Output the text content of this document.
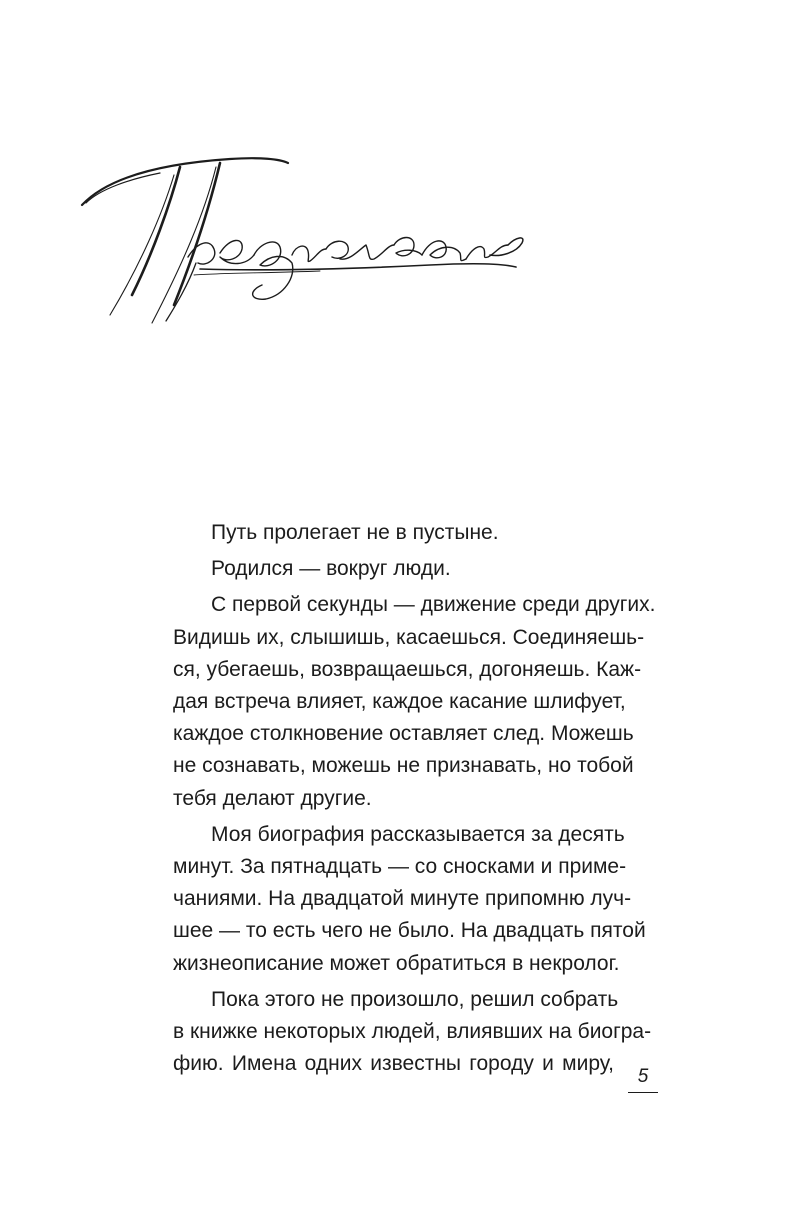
Путь пролегает не в пустыне.
Родился — вокруг люди.
С первой секунды — движение среди других.
Видишь их, слышишь, касаешься. Соединяешь-
ся, убегаешь, возвращаешься, догоняешь. Каж-
дая встреча влияет, каждое касание шлифует,
каждое столкновение оставляет след. Можешь
не сознавать, можешь не признавать, но тобой
тебя делают другие.
Моя биография рассказывается за десять
минут. За пятнадцать — со сносками и приме-
чаниями. На двадцатой минуте припомню луч-
шее — то есть чего не было. На двадцать пятой
жизнеописание может обратиться в некролог.
Пока этого не произошло, решил собрать
в книжке некоторых людей, влиявших на биогра-
фию. Имена одних известны городу и миру,
5
